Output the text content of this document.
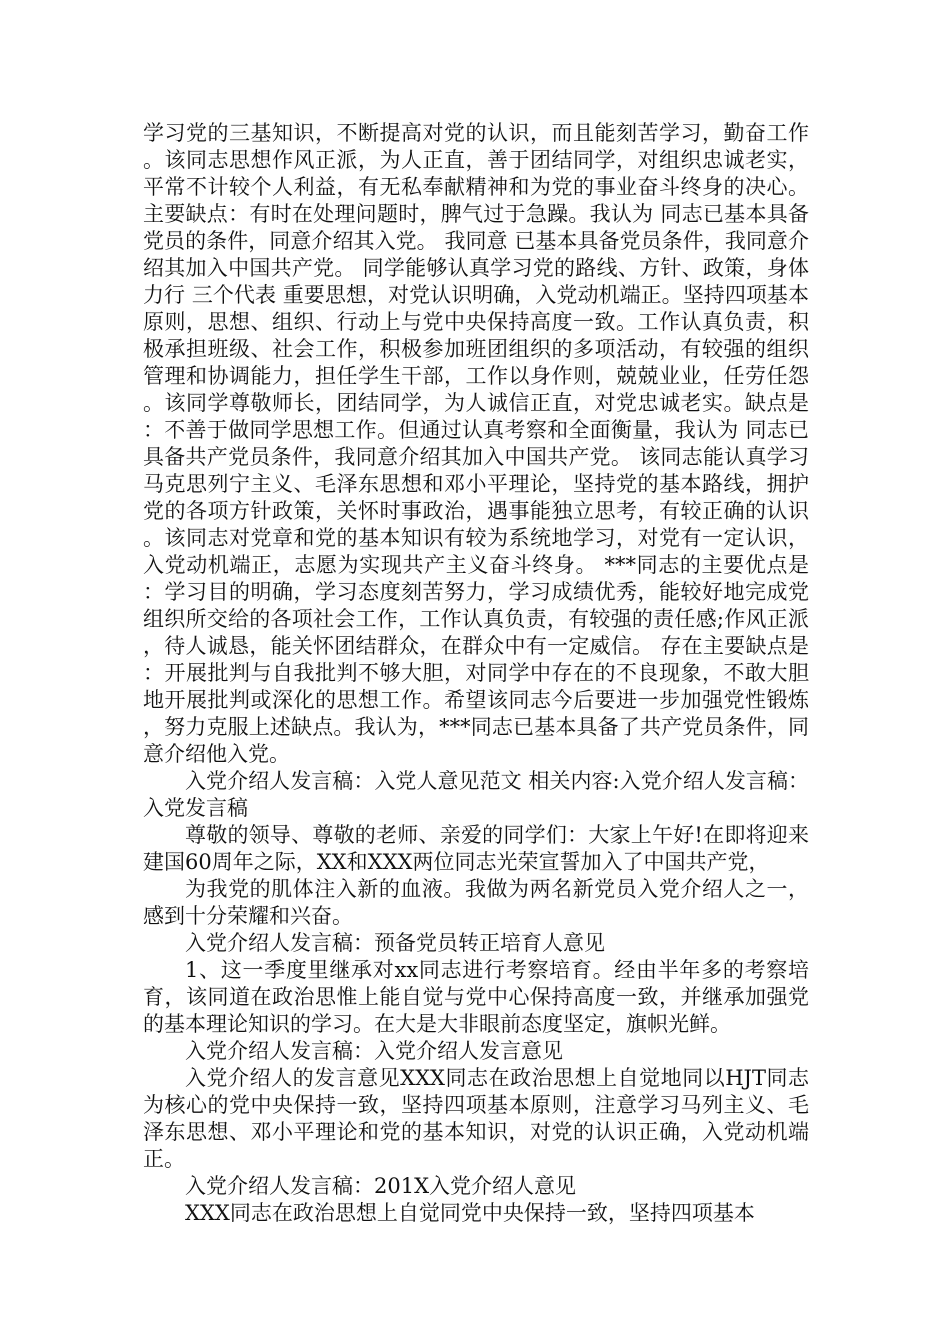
学习党的三基知识，不断提高对党的认识，而且能刻苦学习，勤奋工作。该同志思想作风正派，为人正直，善于团结同学，对组织忠诚老实，平常不计较个人利益，有无私奉献精神和为党的事业奋斗终身的决心。主要缺点：有时在处理问题时，脾气过于急躁。我认为 同志已基本具备党员的条件，同意介绍其入党。 我同意 已基本具备党员条件，我同意介绍其加入中国共产党。 同学能够认真学习党的路线、方针、政策，身体力行 三个代表 重要思想，对党认识明确，入党动机端正。坚持四项基本原则，思想、组织、行动上与党中央保持高度一致。工作认真负责，积极承担班级、社会工作，积极参加班团组织的多项活动，有较强的组织管理和协调能力，担任学生干部，工作以身作则，兢兢业业，任劳任怨。该同学尊敬师长，团结同学，为人诚信正直，对党忠诚老实。缺点是：不善于做同学思想工作。但通过认真考察和全面衡量，我认为 同志已具备共产党员条件，我同意介绍其加入中国共产党。 该同志能认真学习马克思列宁主义、毛泽东思想和邓小平理论，坚持党的基本路线，拥护党的各项方针政策，关怀时事政治，遇事能独立思考，有较正确的认识。该同志对党章和党的基本知识有较为系统地学习，对党有一定认识，入党动机端正，志愿为实现共产主义奋斗终身。 ***同志的主要优点是：学习目的明确，学习态度刻苦努力，学习成绩优秀，能较好地完成党组织所交给的各项社会工作，工作认真负责，有较强的责任感;作风正派，待人诚恳，能关怀团结群众，在群众中有一定威信。 存在主要缺点是：开展批判与自我批判不够大胆，对同学中存在的不良现象，不敢大胆地开展批判或深化的思想工作。希望该同志今后要进一步加强党性锻炼，努力克服上述缺点。我认为，***同志已基本具备了共产党员条件，同意介绍他入党。

入党介绍人发言稿：入党人意见范文 相关内容:入党介绍人发言稿：入党发言稿

尊敬的领导、尊敬的老师、亲爱的同学们：大家上午好!在即将迎来建国60周年之际，XX和XXX两位同志光荣宣誓加入了中国共产党，

为我党的肌体注入新的血液。我做为两名新党员入党介绍人之一，感到十分荣耀和兴奋。

入党介绍人发言稿：预备党员转正培育人意见

1、这一季度里继承对xx同志进行考察培育。经由半年多的考察培育，该同道在政治思惟上能自觉与党中心保持高度一致，并继承加强党的基本理论知识的学习。在大是大非眼前态度坚定，旗帜光鲜。

入党介绍人发言稿：入党介绍人发言意见

入党介绍人的发言意见XXX同志在政治思想上自觉地同以HJT同志为核心的党中央保持一致，坚持四项基本原则，注意学习马列主义、毛泽东思想、邓小平理论和党的基本知识，对党的认识正确，入党动机端正。

入党介绍人发言稿：201X入党介绍人意见

XXX同志在政治思想上自觉同党中央保持一致，坚持四项基本
